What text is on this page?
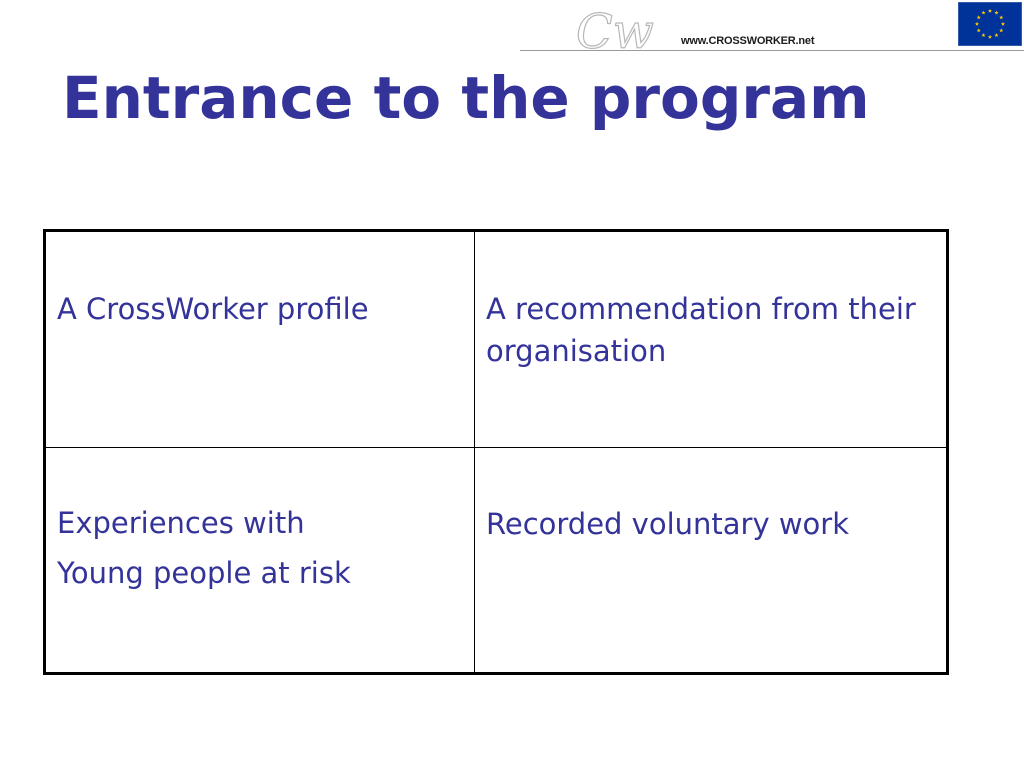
Cw www.CROSSWORKER.net
Entrance to the program
A CrossWorker profile	A recommendation from their organisation
Experiences with
Young people at risk
Recorded voluntary work
